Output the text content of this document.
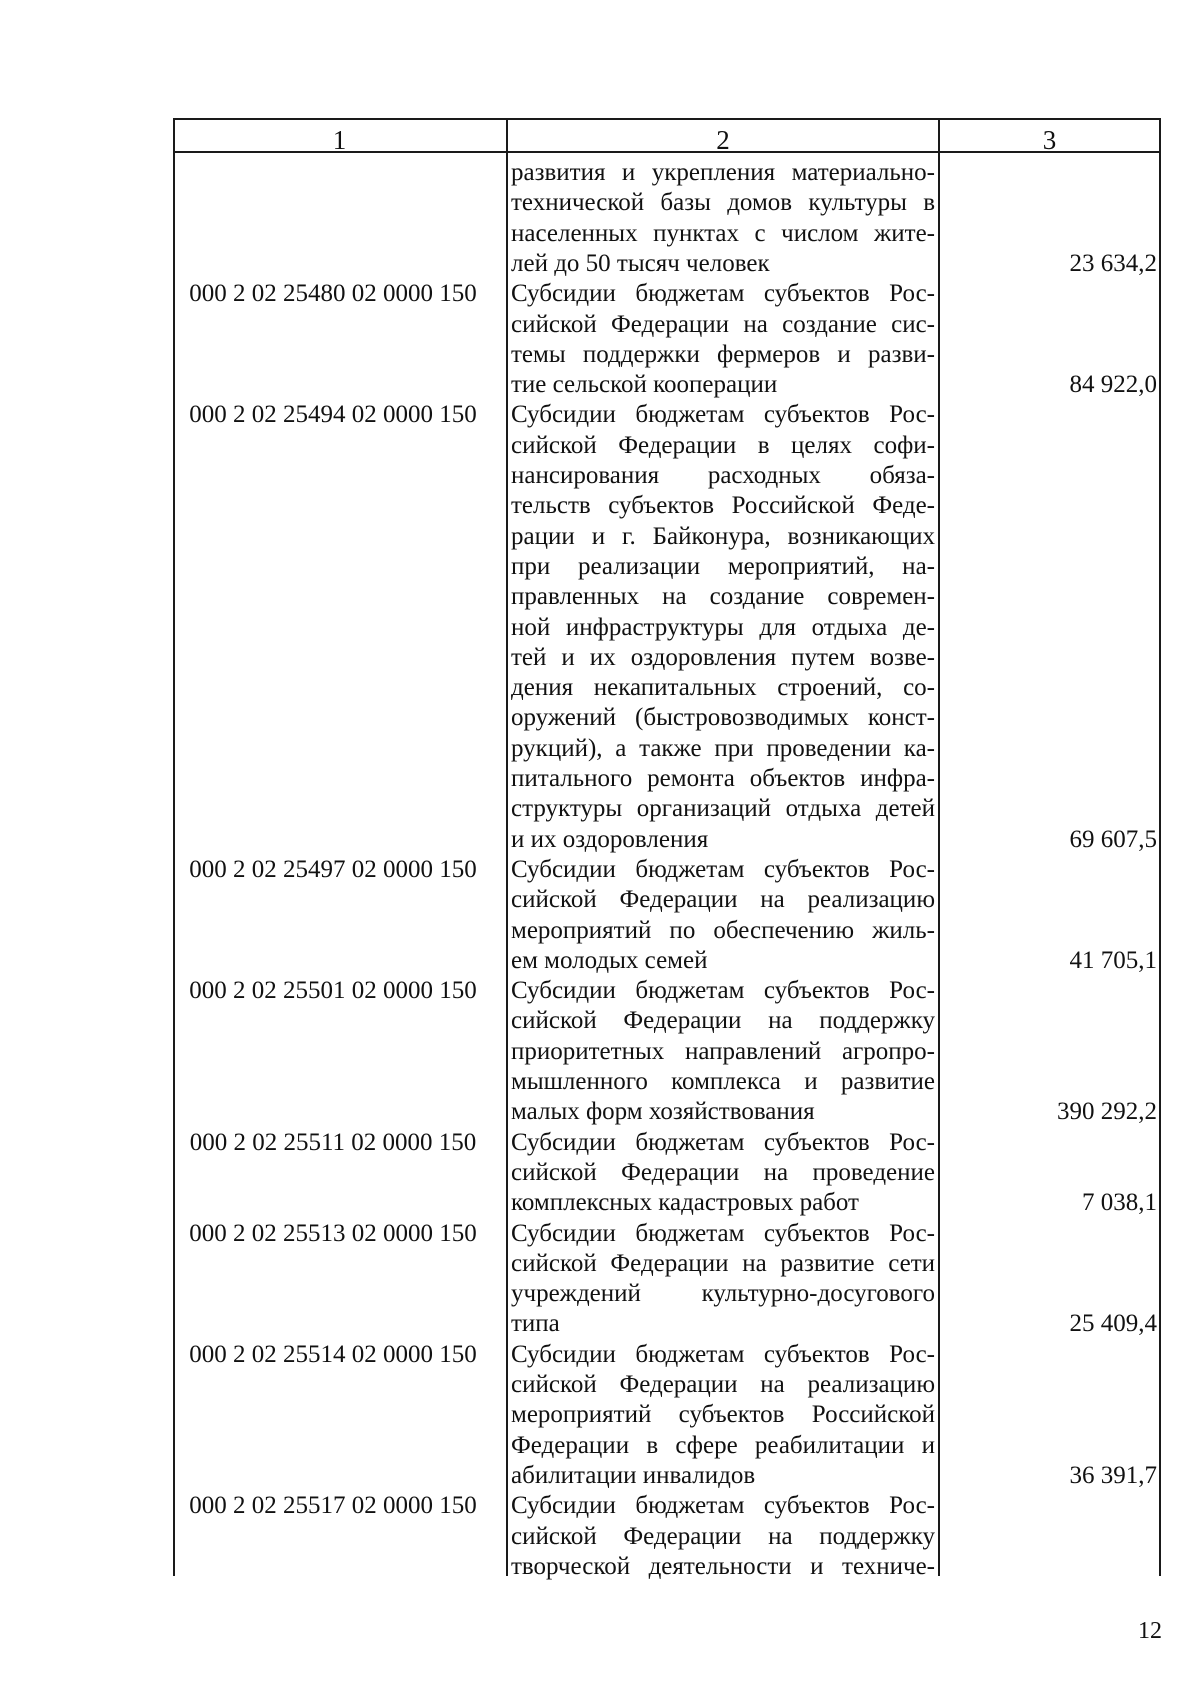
1	2	3
развития и укрепления материально-
технической базы домов культуры в
населенных пунктах с числом жите-
лей до 50 тысяч человек	23 634,2
000 2 02 25480 02 0000 150	Субсидии бюджетам субъектов Рос-
сийской Федерации на создание сис-
темы поддержки фермеров и разви-
тие сельской кооперации	84 922,0
000 2 02 25494 02 0000 150	Субсидии бюджетам субъектов Рос-
сийской Федерации в целях софи-
нансирования расходных обяза-
тельств субъектов Российской Феде-
рации и г. Байконура, возникающих
при реализации мероприятий, на-
правленных на создание современ-
ной инфраструктуры для отдыха де-
тей и их оздоровления путем возве-
дения некапитальных строений, со-
оружений (быстровозводимых конст-
рукций), а также при проведении ка-
питального ремонта объектов инфра-
структуры организаций отдыха детей
и их оздоровления	69 607,5
000 2 02 25497 02 0000 150	Субсидии бюджетам субъектов Рос-
сийской Федерации на реализацию
мероприятий по обеспечению жиль-
ем молодых семей	41 705,1
000 2 02 25501 02 0000 150	Субсидии бюджетам субъектов Рос-
сийской Федерации на поддержку
приоритетных направлений агропро-
мышленного комплекса и развитие
малых форм хозяйствования	390 292,2
000 2 02 25511 02 0000 150	Субсидии бюджетам субъектов Рос-
сийской Федерации на проведение
комплексных кадастровых работ	7 038,1
000 2 02 25513 02 0000 150	Субсидии бюджетам субъектов Рос-
сийской Федерации на развитие сети
учреждений культурно-досугового
типа	25 409,4
000 2 02 25514 02 0000 150	Субсидии бюджетам субъектов Рос-
сийской Федерации на реализацию
мероприятий субъектов Российской
Федерации в сфере реабилитации и
абилитации инвалидов	36 391,7
000 2 02 25517 02 0000 150	Субсидии бюджетам субъектов Рос-
сийской Федерации на поддержку
творческой деятельности и техниче-
12
